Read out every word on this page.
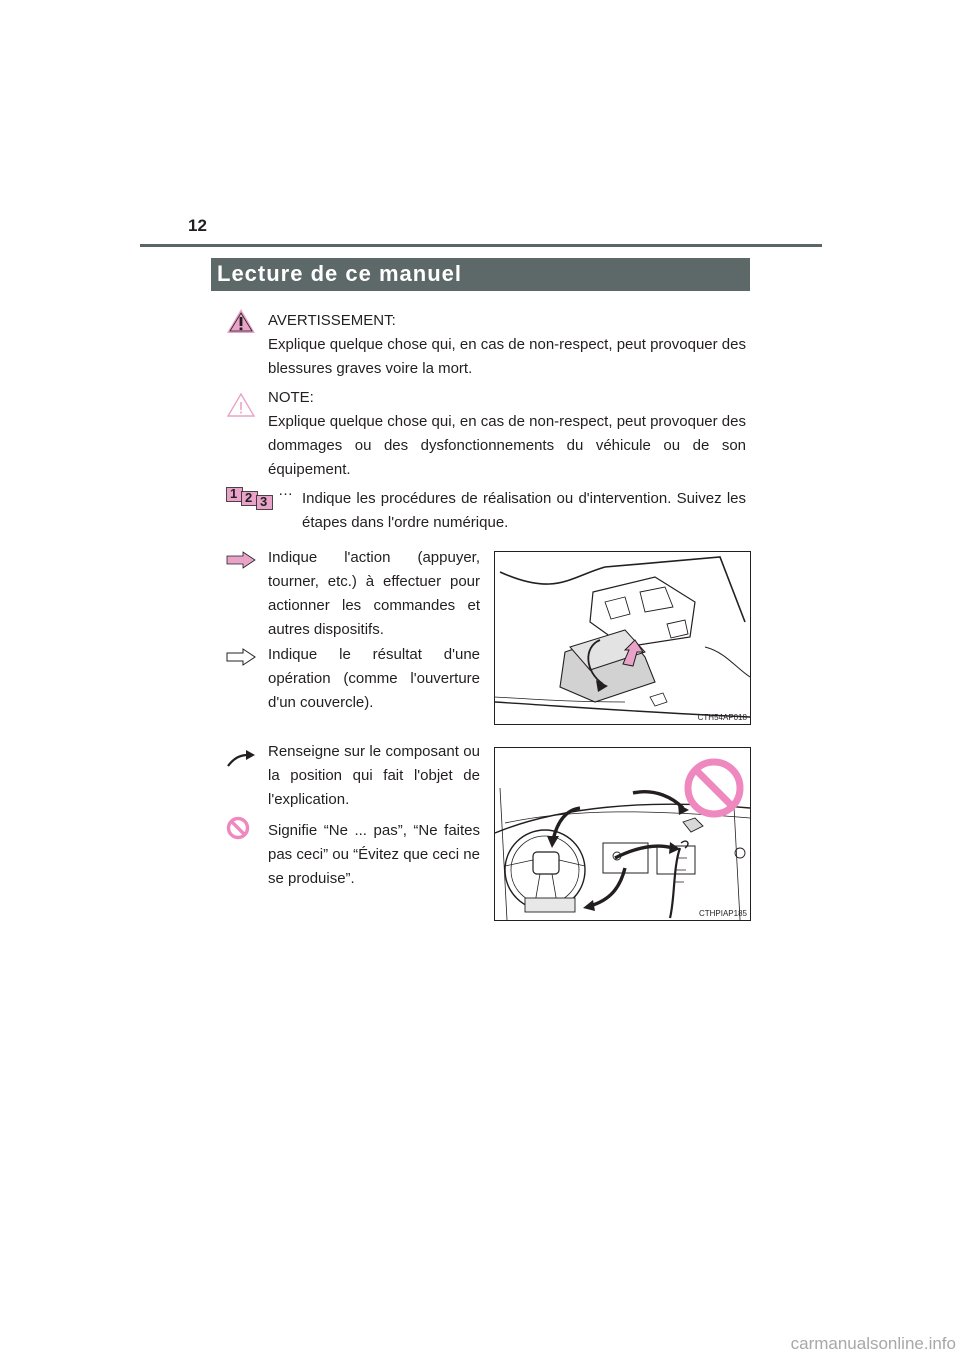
12
Lecture de ce manuel
AVERTISSEMENT:

Explique quelque chose qui, en cas de non-respect, peut provoquer des blessures graves voire la mort.

NOTE:

Explique quelque chose qui, en cas de non-respect, peut provoquer des dommages ou des dysfonctionnements du véhicule ou de son équipement.

1 2 3
… Indique les procédures de réalisation ou d'intervention. Suivez les étapes dans l'ordre numérique.

Indique l'action (appuyer, tourner, etc.) à effectuer pour actionner les commandes et autres dispositifs.

Indique le résultat d'une opération (comme l'ouverture d'un couvercle).

CTH54AP018

Renseigne sur le composant ou la position qui fait l'objet de l'explication.

Signifie “Ne ... pas”, “Ne faites pas ceci” ou “Évitez que ceci ne se produise”.

CTHPIAP185
carmanualsonline.info
